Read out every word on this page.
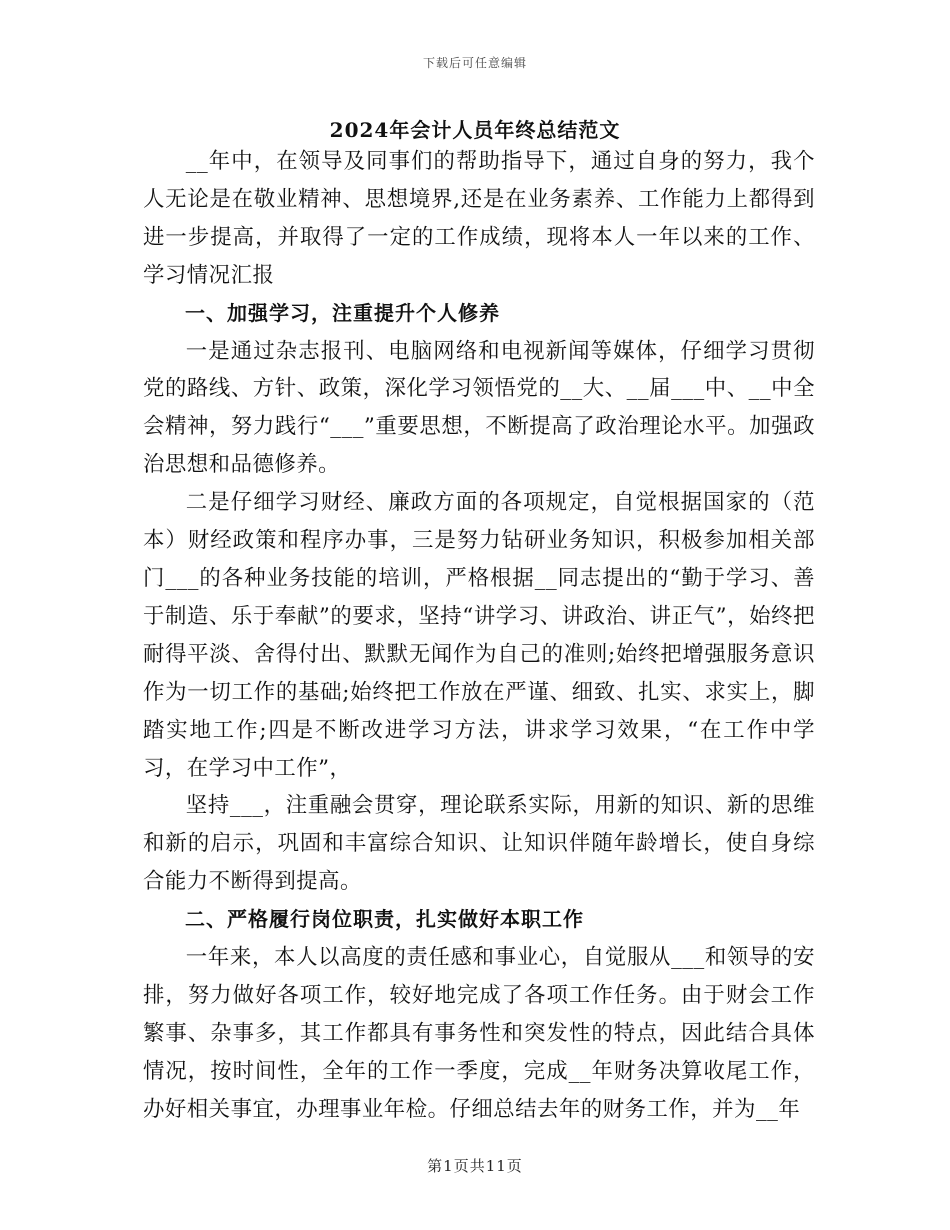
下载后可任意编辑
2024年会计人员年终总结范文

__年中，在领导及同事们的帮助指导下，通过自身的努力，我个人无论是在敬业精神、思想境界,还是在业务素养、工作能力上都得到进一步提高，并取得了一定的工作成绩，现将本人一年以来的工作、学习情况汇报

一、加强学习，注重提升个人修养

一是通过杂志报刊、电脑网络和电视新闻等媒体，仔细学习贯彻党的路线、方针、政策，深化学习领悟党的__大、__届___中、__中全会精神，努力践行“___”重要思想，不断提高了政治理论水平。加强政治思想和品德修养。

二是仔细学习财经、廉政方面的各项规定，自觉根据国家的（范本）财经政策和程序办事，三是努力钻研业务知识，积极参加相关部门___的各种业务技能的培训，严格根据__同志提出的“勤于学习、善于制造、乐于奉献”的要求，坚持“讲学习、讲政治、讲正气”，始终把耐得平淡、舍得付出、默默无闻作为自己的准则;始终把增强服务意识作为一切工作的基础;始终把工作放在严谨、细致、扎实、求实上，脚踏实地工作;四是不断改进学习方法，讲求学习效果，“在工作中学习，在学习中工作”，

坚持___，注重融会贯穿，理论联系实际，用新的知识、新的思维和新的启示，巩固和丰富综合知识、让知识伴随年龄增长，使自身综合能力不断得到提高。

二、严格履行岗位职责，扎实做好本职工作

一年来，本人以高度的责任感和事业心，自觉服从___和领导的安排，努力做好各项工作，较好地完成了各项工作任务。由于财会工作繁事、杂事多，其工作都具有事务性和突发性的特点，因此结合具体情况，按时间性，全年的工作一季度，完成__年财务决算收尾工作，办好相关事宜，办理事业年检。仔细总结去年的财务工作，并为__年

第1页共11页
